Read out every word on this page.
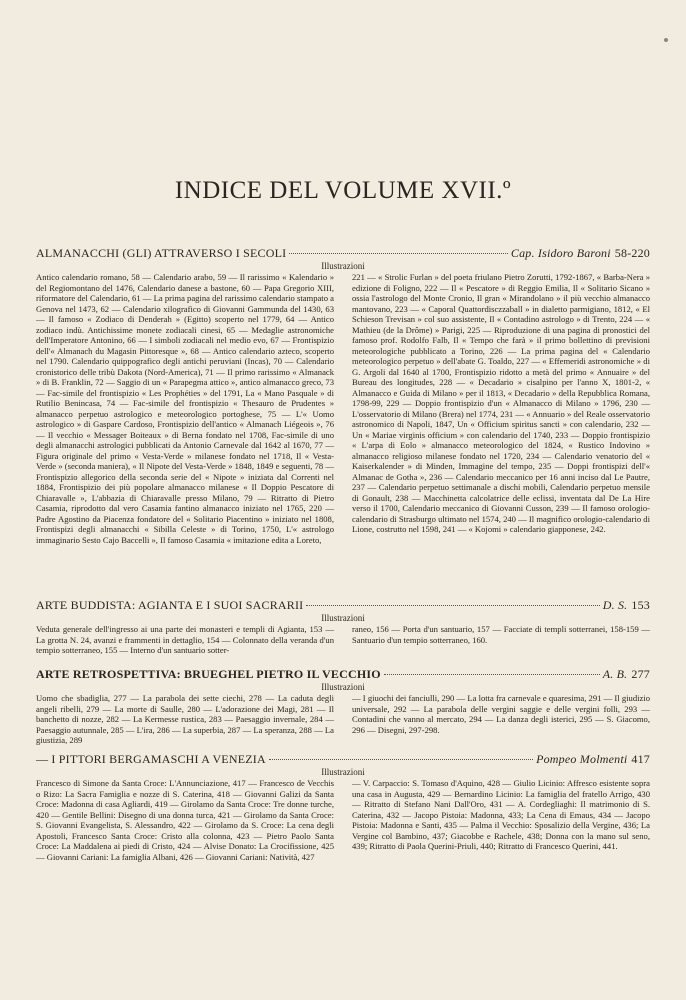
INDICE DEL VOLUME XVII.º
ALMANACCHI (GLI) ATTRAVERSO I SECOLI	Cap. Isidoro Baroni 58-220
Illustrazioni
Antico calendario romano, 58 — Calendario arabo, 59 — Il rarissimo « Kalendario » del Regiomontano del 1476, Calendario danese a bastone, 60 — Papa Gregorio XIII, riformatore del Calendario, 61 — La prima pagina del rarissimo calendario stampato a Genova nel 1473, 62 — Calendario xilografico di Giovanni Gammunda del 1430, 63 — Il famoso « Zodiaco di Denderah » (Egitto) scoperto nel 1779, 64 — Antico zodiaco indù. Antichissime monete zodiacali cinesi, 65 — Medaglie astronomiche dell'Imperatore Antonino, 66 — I simboli zodiacali nel medio evo, 67 — Frontispizio dell'« Almanach du Magasin Pittoresque », 68 — Antico calendario azteco, scoperto nel 1790. Calendario quippografico degli antichi peruviani (Incas), 70 — Calendario cronistorico delle tribù Dakota (Nord-America), 71 — Il primo rarissimo « Almanack » di B. Franklin, 72 — Saggio di un « Parapegma attico », antico almanacco greco, 73 — Fac-simile del frontispizio « Les Prophéties » del 1791, La « Mano Pasquale » di Rutilio Benincasa, 74 — Fac-simile del frontispizio « Thesauro de Prudentes » almanacco perpetuo astrologico e meteorologico portoghese, 75 — L'« Uomo astrologico » di Gaspare Cardoso, Frontispizio dell'antico « Almanach Liégeois », 76 — Il vecchio « Messager Boiteaux » di Berna fondato nel 1708, Fac-simile di uno degli almanacchi astrologici pubblicati da Antonio Carnevale dal 1642 al 1670, 77 — Figura originale del primo « Vesta-Verde » milanese fondato nel 1718, Il « Vesta-Verde » (seconda maniera), « Il Nipote del Vesta-Verde » 1848, 1849 e seguenti, 78 — Frontispizio allegorico della seconda serie del « Nipote » iniziata dal Correnti nel 1884, Frontispizio dei più popolare almanacco milanese « Il Doppio Pescatore di Chiaravalle », L'abbazia di Chiaravalle presso Milano, 79 — Ritratto di Pietro Casamia, riprodotto dal vero Casamia fantino almanacco iniziato nel 1765, 220 — Padre Agostino da Piacenza fondatore del « Solitario Piacentino » iniziato nel 1808, Frontispizi degli almanacchi « Sibilla Celeste » di Torino, 1750, L'« astrologo immaginario Sesto Cajo Baccelli », Il famoso Casamia « imitazione edita a Loreto,
221 — « Strolic Furlan » del poeta friulano Pietro Zorutti, 1792-1867, « Barba-Nera » edizione di Foligno, 222 — Il « Pescatore » di Reggio Emilia, Il « Solitario Sicano » ossia l'astrologo del Monte Cronio, Il gran « Mirandolano » il più vecchio almanacco mantovano, 223 — « Caporal Quattordisczzaball » in dialetto parmigiano, 1812, « El Schieson Trevisan » col suo assistente, Il « Contadino astrologo » di Trento, 224 — « Mathieu (de la Drôme) » Parigi, 225 — Riproduzione di una pagina di pronostici del famoso prof. Rodolfo Falb, Il « Tempo che farà » il primo bollettino di previsioni meteorologiche pubblicato a Torino, 226 — La prima pagina del « Calendario meteorologico perpetuo » dell'abate G. Toaldo, 227 — « Effemeridi astronomiche » di G. Argoli dal 1640 al 1700, Frontispizio ridotto a metà del primo « Annuaire » del Bureau des longitudes, 228 — « Decadario » cisalpino per l'anno X, 1801-2, « Almanacco e Guida di Milano » per il 1813, « Decadario » della Repubblica Romana, 1798-99, 229 — Doppio frontispizio d'un « Almanacco di Milano » 1796, 230 — L'osservatorio di Milano (Brera) nel 1774, 231 — « Annuario » del Reale osservatorio astronomico di Napoli, 1847, Un « Officium spiritus sancti » con calendario, 232 — Un « Mariae virginis officium » con calendario del 1740, 233 — Doppio frontispizio « L'arpa di Eolo » almanacco meteorologico del 1824, « Rustico Indovino » almanacco religioso milanese fondato nel 1720, 234 — Calendario venatorio del « Kaiserkalender » di Minden, Immagine del tempo, 235 — Doppi frontispizi dell'« Almanac de Gotha », 236 — Calendario meccanico per 16 anni inciso dal Le Pautre, 237 — Calendario perpetuo settimanale a dischi mobili, Calendario perpetuo mensile di Gonault, 238 — Macchinetta calcolatrice delle eclissi, inventata dal De La Hire verso il 1700, Calendario meccanico di Giovanni Cusson, 239 — Il famoso orologio-calendario di Strasburgo ultimato nel 1574, 240 — Il magnifico orologio-calendario di Lione, costrutto nel 1598, 241 — « Kojomi » calendario giapponese, 242.
ARTE BUDDISTA: AGIANTA E I SUOI SACRARII	D. S. 153
Illustrazioni
Veduta generale dell'ingresso ai una parte dei monasteri e templi di Agianta, 153 — La grotta N. 24, avanzi e frammenti in dettaglio, 154 — Colonnato della veranda d'un tempio sotterraneo, 155 — Interno d'un santuario sotter-
raneo, 156 — Porta d'un santuario, 157 — Facciate di templi sotterranei, 158-159 — Santuario d'un tempio sotterraneo, 160.
ARTE RETROSPETTIVA: BRUEGHEL PIETRO IL VECCHIO	A. B. 277
Illustrazioni
Uomo che sbadiglia, 277 — La parabola dei sette ciechi, 278 — La caduta degli angeli ribelli, 279 — La morte di Saulle, 280 — L'adorazione dei Magi, 281 — Il banchetto di nozze, 282 — La Kermesse rustica, 283 — Paesaggio invernale, 284 — Paesaggio autunnale, 285 — L'ira, 286 — La superbia, 287 — La speranza, 288 — La giustizia, 289
— I giuochi dei fanciulli, 290 — La lotta fra carnevale e quaresima, 291 — Il giudizio universale, 292 — La parabola delle vergini saggie e delle vergini folli, 293 — Contadini che vanno al mercato, 294 — La danza degli isterici, 295 — S. Giacomo, 296 — Disegni, 297-298.
— I PITTORI BERGAMASCHI A VENEZIA	Pompeo Molmenti 417
Illustrazioni
Francesco di Simone da Santa Croce: L'Annunciazione, 417 — Francesco de Vecchis o Rizo: La Sacra Famiglia e nozze di S. Caterina, 418 — Giovanni Galizi da Santa Croce: Madonna di casa Agliardi, 419 — Girolamo da Santa Croce: Tre donne turche, 420 — Gentile Bellini: Disegno di una donna turca, 421 — Girolamo da Santa Croce: S. Giovanni Evangelista, S. Alessandro, 422 — Girolamo da S. Croce: La cena degli Apostoli, Francesco Santa Croce: Cristo alla colonna, 423 — Pietro Paolo Santa Croce: La Maddalena ai piedi di Cristo, 424 — Alvise Donato: La Crocifissione, 425 — Giovanni Cariani: La famiglia Albani, 426 — Giovanni Cariani: Natività, 427
— V. Carpaccio: S. Tomaso d'Aquino, 428 — Giulio Licinio: Affresco esistente sopra una casa in Augusta, 429 — Bernardino Licinio: La famiglia del fratello Arrigo, 430 — Ritratto di Stefano Nani Dall'Oro, 431 — A. Cordegliaghi: Il matrimonio di S. Caterina, 432 — Jacopo Pistoia: Madonna, 433; La Cena di Emaus, 434 — Jacopo Pistoia: Madonna e Santi, 435 — Palma il Vecchio: Sposalizio della Vergine, 436; La Vergine col Bambino, 437; Giacobbe e Rachele, 438; Donna con la mano sul seno, 439; Ritratto di Paola Querini-Priuli, 440; Ritratto di Francesco Querini, 441.
